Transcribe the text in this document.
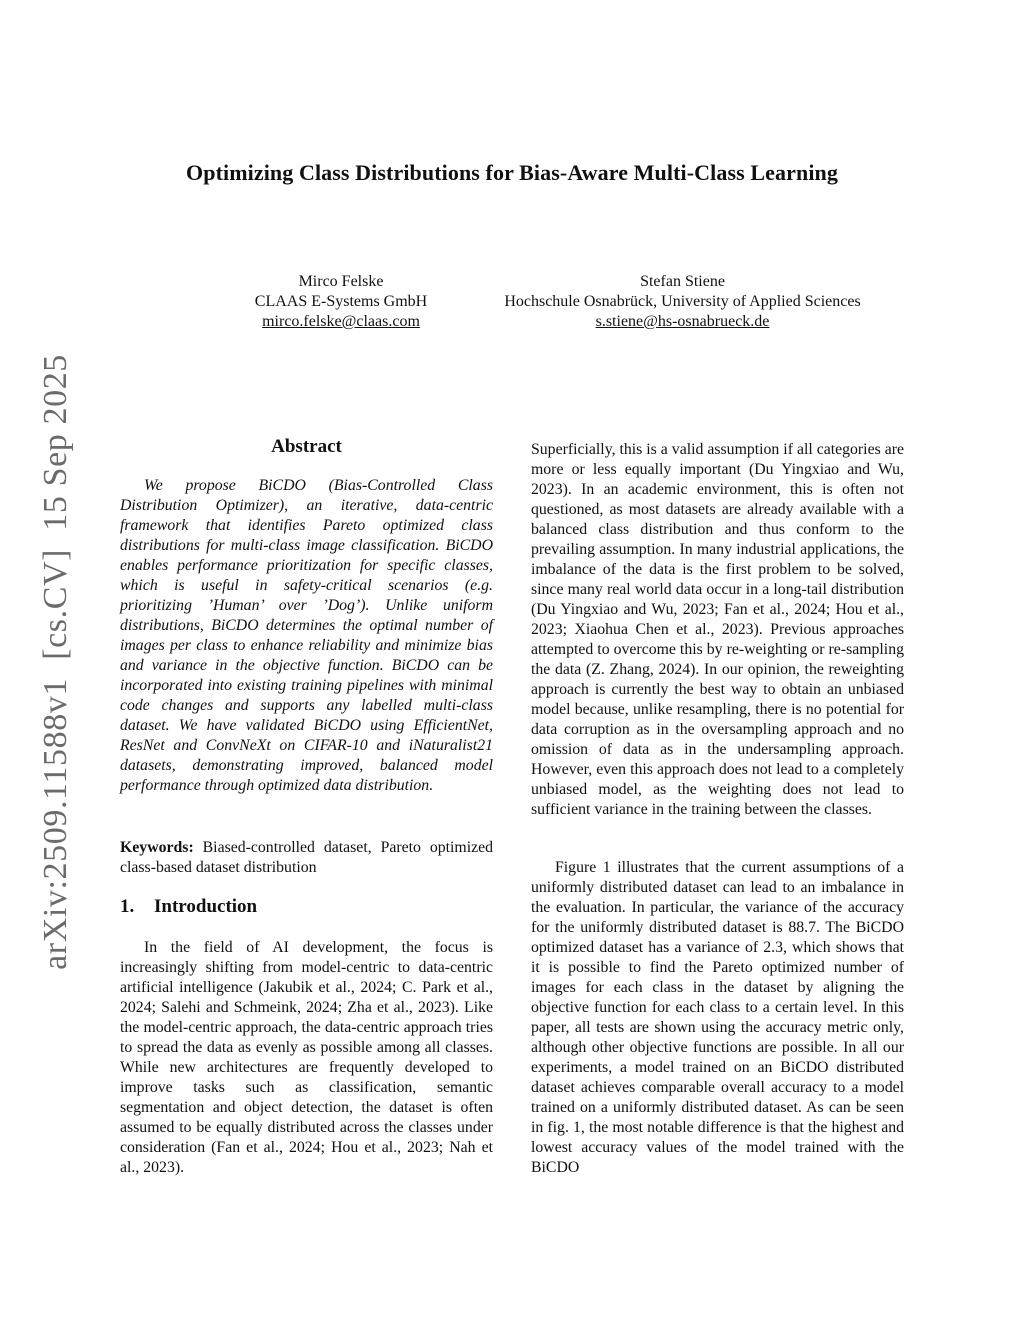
Optimizing Class Distributions for Bias-Aware Multi-Class Learning
Mirco Felske
CLAAS E-Systems GmbH
mirco.felske@claas.com
Stefan Stiene
Hochschule Osnabrück, University of Applied Sciences
s.stiene@hs-osnabrueck.de
arXiv:2509.11588v1  [cs.CV]  15 Sep 2025	Abstract

We propose BiCDO (Bias-Controlled Class Distribution Optimizer), an iterative, data-centric framework that identifies Pareto optimized class distributions for multi-class image classification. BiCDO enables performance prioritization for specific classes, which is useful in safety-critical scenarios (e.g. prioritizing ’Human’ over ’Dog’). Unlike uniform distributions, BiCDO determines the optimal number of images per class to enhance reliability and minimize bias and variance in the objective function. BiCDO can be incorporated into existing training pipelines with minimal code changes and supports any labelled multi-class dataset. We have validated BiCDO using EfficientNet, ResNet and ConvNeXt on CIFAR-10 and iNaturalist21 datasets, demonstrating improved, balanced model performance through optimized data distribution.

Keywords: Biased-controlled dataset, Pareto optimized class-based dataset distribution

1. Introduction

In the field of AI development, the focus is increasingly shifting from model-centric to data-centric artificial intelligence (Jakubik et al., 2024; C. Park et al., 2024; Salehi and Schmeink, 2024; Zha et al., 2023). Like the model-centric approach, the data-centric approach tries to spread the data as evenly as possible among all classes. While new architectures are frequently developed to improve tasks such as classification, semantic segmentation and object detection, the dataset is often assumed to be equally distributed across the classes under consideration (Fan et al., 2024; Hou et al., 2023; Nah et al., 2023).

Superficially, this is a valid assumption if all categories are more or less equally important (Du Yingxiao and Wu, 2023). In an academic environment, this is often not questioned, as most datasets are already available with a balanced class distribution and thus conform to the prevailing assumption. In many industrial applications, the imbalance of the data is the first problem to be solved, since many real world data occur in a long-tail distribution (Du Yingxiao and Wu, 2023; Fan et al., 2024; Hou et al., 2023; Xiaohua Chen et al., 2023). Previous approaches attempted to overcome this by re-weighting or re-sampling the data (Z. Zhang, 2024). In our opinion, the reweighting approach is currently the best way to obtain an unbiased model because, unlike resampling, there is no potential for data corruption as in the oversampling approach and no omission of data as in the undersampling approach. However, even this approach does not lead to a completely unbiased model, as the weighting does not lead to sufficient variance in the training between the classes.

Figure 1 illustrates that the current assumptions of a uniformly distributed dataset can lead to an imbalance in the evaluation. In particular, the variance of the accuracy for the uniformly distributed dataset is 88.7. The BiCDO optimized dataset has a variance of 2.3, which shows that it is possible to find the Pareto optimized number of images for each class in the dataset by aligning the objective function for each class to a certain level. In this paper, all tests are shown using the accuracy metric only, although other objective functions are possible. In all our experiments, a model trained on an BiCDO distributed dataset achieves comparable overall accuracy to a model trained on a uniformly distributed dataset. As can be seen in fig. 1, the most notable difference is that the highest and lowest accuracy values of the model trained with the BiCDO
